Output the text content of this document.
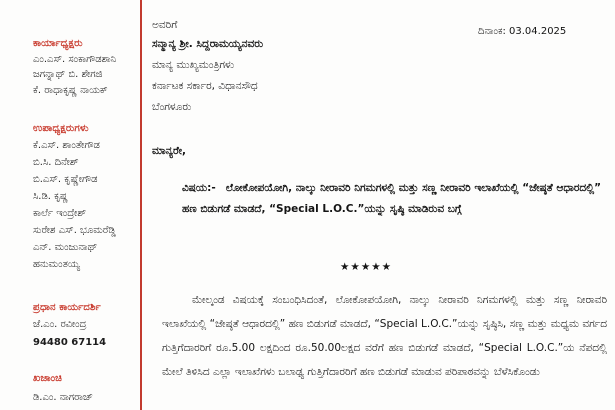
ಕಾರ್ಯಾಧ್ಯಕ್ಷರು
ಎಂ.ಎಸ್. ಸಂಕಾಗೌಡಶಾನಿ
ಜಗನ್ನಾಥ್ ಬಿ. ಶೇಗಜಿ
ಕೆ. ರಾಧಾಕೃಷ್ಣ ನಾಯಕ್
ಉಪಾಧ್ಯಕ್ಷರುಗಳು
ಕೆ.ಎಸ್. ಶಾಂತೇಗೌಡ
ಬಿ.ಸಿ. ದಿನೇಶ್
ಬಿ.ಎಸ್. ಕೃಷ್ಣೇಗೌಡ
ಸಿ.ಡಿ. ಕೃಷ್ಣ
ಕಾರ್ಲೆ ಇಂದ್ರೇಶ್
ಸುರೇಶ ಎಸ್. ಭೂಮರೆಡ್ಡಿ
ಎನ್. ಮಂಜುನಾಥ್
ಹನುಮಂತಯ್ಯ
ಪ್ರಧಾನ ಕಾರ್ಯದರ್ಶಿ
ಜೆ.ಎಂ. ರವೀಂದ್ರ
94480 67114
ಖಜಾಂಚಿ
ಡಿ.ಎಂ. ನಾಗರಾಜ್
ಅವರಿಗೆ
ದಿನಾಂಕ: 03.04.2025
ಸನ್ಮಾನ್ಯ ಶ್ರೀ. ಸಿದ್ದರಾಮಯ್ಯನವರು
ಮಾನ್ಯ ಮುಖ್ಯಮಂತ್ರಿಗಳು
ಕರ್ನಾಟಕ ಸರ್ಕಾರ, ವಿಧಾನಸೌಧ
ಬೆಂಗಳೂರು
ಮಾನ್ಯರೇ,
ವಿಷಯ:- ಲೋಕೋಪಯೋಗಿ, ನಾಲ್ಕು ನೀರಾವರಿ ನಿಗಮಗಳಲ್ಲಿ ಮತ್ತು ಸಣ್ಣ ನೀರಾವರಿ ಇಲಾಖೆಯಲ್ಲಿ “ಜೇಷ್ಠತೆ ಆಧಾರದಲ್ಲಿ” ಹಣ ಬಿಡುಗಡೆ ಮಾಡದೆ, “Special L.O.C.”ಯನ್ನು ಸೃಷ್ಠಿ ಮಾಡಿರುವ ಬಗ್ಗೆ
★★★★★
ಮೇಲ್ಕಂಡ ವಿಷಯಕ್ಕೆ ಸಂಬಂಧಿಸಿದಂತೆ, ಲೋಕೋಪಯೋಗಿ, ನಾಲ್ಕು ನೀರಾವರಿ ನಿಗಮಗಳಲ್ಲಿ ಮತ್ತು ಸಣ್ಣ ನೀರಾವರಿ ಇಲಾಖೆಯಲ್ಲಿ “ಜೇಷ್ಠತೆ ಆಧಾರದಲ್ಲಿ” ಹಣ ಬಿಡುಗಡೆ ಮಾಡದೆ, “Special L.O.C.”ಯನ್ನು ಸೃಷ್ಠಿಸಿ, ಸಣ್ಣ ಮತ್ತು ಮಧ್ಯಮ ವರ್ಗದ ಗುತ್ತಿಗೆದಾರರಿಗೆ ರೂ.5.00 ಲಕ್ಷದಿಂದ ರೂ.50.00ಲಕ್ಷದ ವರೆಗೆ ಹಣ ಬಿಡುಗಡೆ ಮಾಡದೆ, “Special L.O.C.”ಯ ನೆಪದಲ್ಲಿ ಮೇಲೆ ತಿಳಿಸಿದ ಎಲ್ಲಾ ಇಲಾಖೆಗಳು ಬಲಾಢ್ಯ ಗುತ್ತಿಗೆದಾರರಿಗೆ ಹಣ ಬಿಡುಗಡೆ ಮಾಡುವ ಪರಿಪಾಠವನ್ನು ಬೆಳೆಸಿಕೊಂಡು
